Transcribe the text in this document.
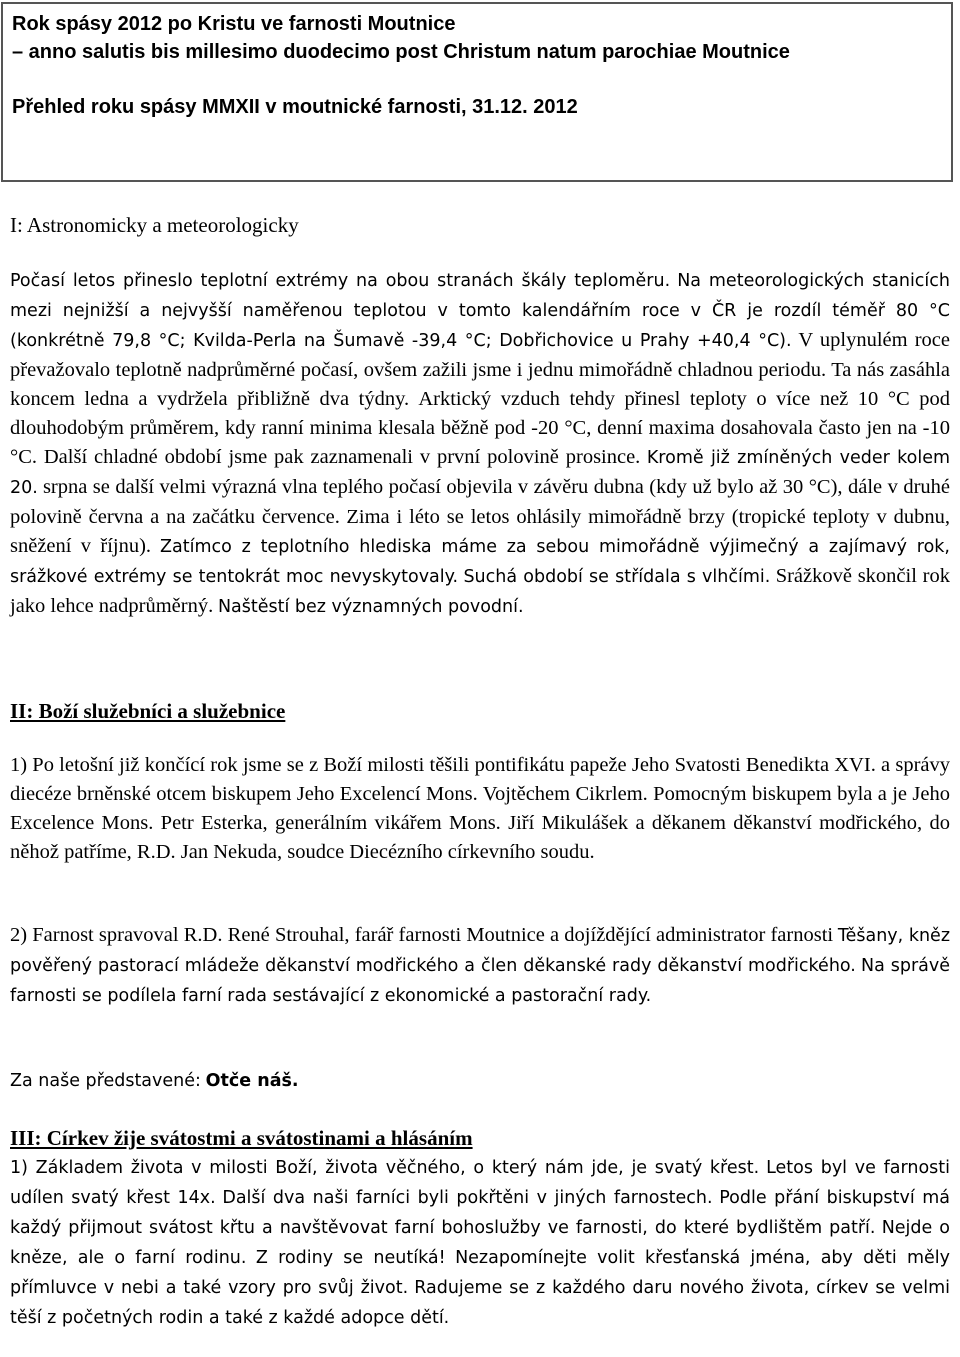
Rok spásy 2012 po Kristu ve farnosti Moutnice
– anno salutis bis millesimo duodecimo post Christum natum parochiae Moutnice
Přehled roku spásy MMXII v moutnické farnosti, 31.12. 2012
I: Astronomicky a meteorologicky

Počasí letos přineslo teplotní extrémy na obou stranách škály teploměru. Na meteorologických stanicích mezi nejnižší a nejvyšší naměřenou teplotou v tomto kalendářním roce v ČR je rozdíl téměř 80 °C (konkrétně 79,8 °C; Kvilda-Perla na Šumavě -39,4 °C; Dobřichovice u Prahy +40,4 °C). V uplynulém roce převažovalo teplotně nadprůměrné počasí, ovšem zažili jsme i jednu mimořádně chladnou periodu. Ta nás zasáhla koncem ledna a vydržela přibližně dva týdny. Arktický vzduch tehdy přinesl teploty o více než 10 °C pod dlouhodobým průměrem, kdy ranní minima klesala běžně pod -20 °C, denní maxima dosahovala často jen na -10 °C. Další chladné období jsme pak zaznamenali v první polovině prosince. Kromě již zmíněných veder kolem 20. srpna se další velmi výrazná vlna teplého počasí objevila v závěru dubna (kdy už bylo až 30 °C), dále v druhé polovině června a na začátku července. Zima i léto se letos ohlásily mimořádně brzy (tropické teploty v dubnu, sněžení v říjnu). Zatímco z teplotního hlediska máme za sebou mimořádně výjimečný a zajímavý rok, srážkové extrémy se tentokrát moc nevyskytovaly. Suchá období se střídala s vlhčími. Srážkově skončil rok jako lehce nadprůměrný. Naštěstí bez významných povodní.

II: Boží služebníci a služebnice

1) Po letošní již končící rok jsme se z Boží milosti těšili pontifikátu papeže Jeho Svatosti Benedikta XVI. a správy diecéze brněnské otcem biskupem Jeho Excelencí Mons. Vojtěchem Cikrlem. Pomocným biskupem byla a je Jeho Excelence Mons. Petr Esterka, generálním vikářem Mons. Jiří Mikulášek a děkanem děkanství modřického, do něhož patříme, R.D. Jan Nekuda, soudce Diecézního církevního soudu.

2) Farnost spravoval R.D. René Strouhal, farář farnosti Moutnice a dojíždějící administrator farnosti Těšany, kněz pověřený pastorací mládeže děkanství modřického a člen děkanské rady děkanství modřického. Na správě farnosti se podílela farní rada sestávající z ekonomické a pastorační rady.

Za naše představené: Otče náš.

III: Církev žije svátostmi a svátostinami a hlásáním

1) Základem života v milosti Boží, života věčného, o který nám jde, je svatý křest. Letos byl ve farnosti udílen svatý křest 14x. Další dva naši farníci byli pokřtěni v jiných farnostech. Podle přání biskupství má každý přijmout svátost křtu a navštěvovat farní bohoslužby ve farnosti, do které bydlištěm patří. Nejde o kněze, ale o farní rodinu. Z rodiny se neutíká! Nezapomínejte volit křesťanská jména, aby děti měly přímluvce v nebi a také vzory pro svůj život. Radujeme se z každého daru nového života, církev se velmi těší z početných rodin a také z každé adopce dětí.
